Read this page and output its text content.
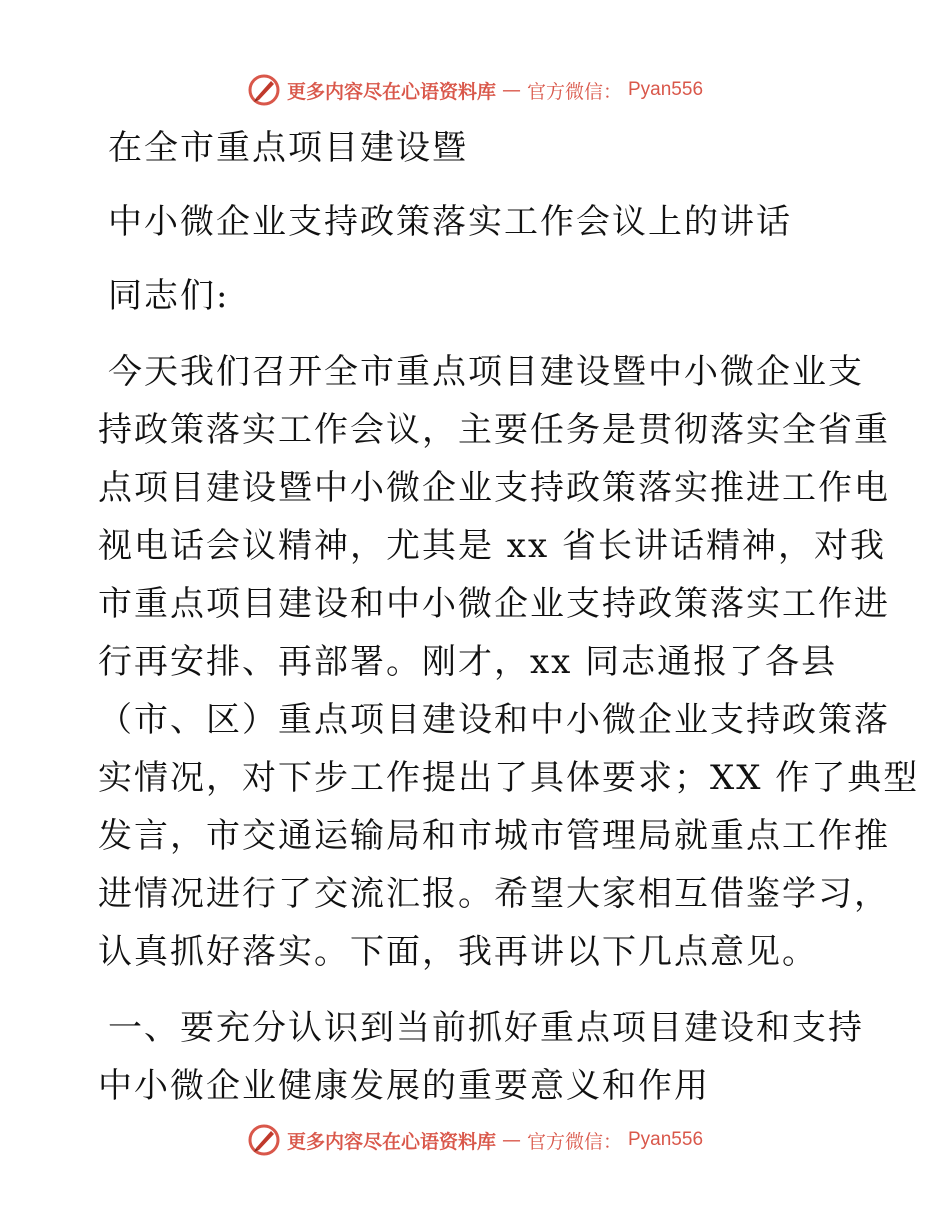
更多内容尽在心语资料库 — 官方微信： Pyan556
在全市重点项目建设暨
中小微企业支持政策落实工作会议上的讲话
同志们:
今天我们召开全市重点项目建设暨中小微企业支
持政策落实工作会议，主要任务是贯彻落实全省重
点项目建设暨中小微企业支持政策落实推进工作电
视电话会议精神，尤其是 xx 省长讲话精神，对我
市重点项目建设和中小微企业支持政策落实工作进
行再安排、再部署。刚才，xx 同志通报了各县
（市、区）重点项目建设和中小微企业支持政策落
实情况，对下步工作提出了具体要求；XX 作了典型
发言，市交通运输局和市城市管理局就重点工作推
进情况进行了交流汇报。希望大家相互借鉴学习，
认真抓好落实。下面，我再讲以下几点意见。
一、要充分认识到当前抓好重点项目建设和支持
中小微企业健康发展的重要意义和作用
更多内容尽在心语资料库 — 官方微信： Pyan556
